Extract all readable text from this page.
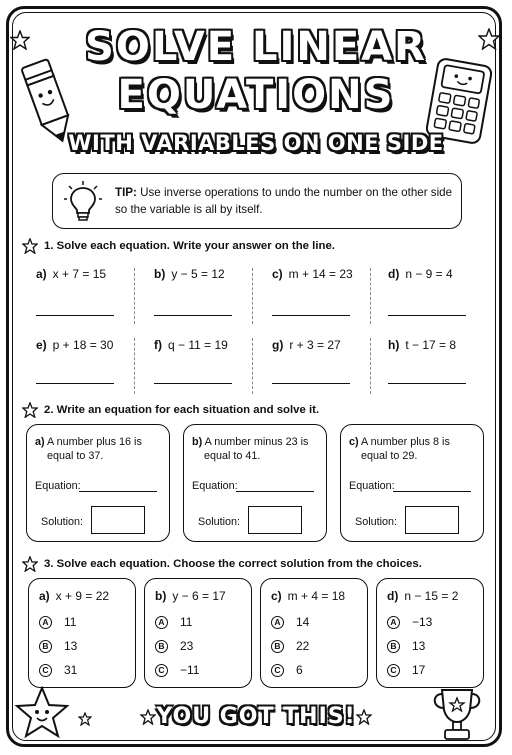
SOLVE LINEAR
EQUATIONS
WITH VARIABLES ON ONE SIDE
TIP: Use inverse operations to undo the number on the other side so the variable is all by itself.
1. Solve each equation. Write your answer on the line.
a) x + 7 = 15	b) y − 5 = 12	c) m + 14 = 23	d) n − 9 = 4
e) p + 18 = 30	f) q − 11 = 19	g) r + 3 = 27	h) t − 17 = 8
2. Write an equation for each situation and solve it.
a) A number plus 16 is
equal to 37.
Equation:
Solution:
b) A number minus 23 is
equal to 41.
Equation:
Solution:
c) A number plus 8 is
equal to 29.
Equation:
Solution:
3. Solve each equation. Choose the correct solution from the choices.
a) x + 9 = 22
A 11
B 13
C 31
b) y − 6 = 17
A 11
B 23
C −11
c) m + 4 = 18
A 14
B 22
C 6
d) n − 15 = 2
A −13
B 13
C 17
YOU GOT THIS!
